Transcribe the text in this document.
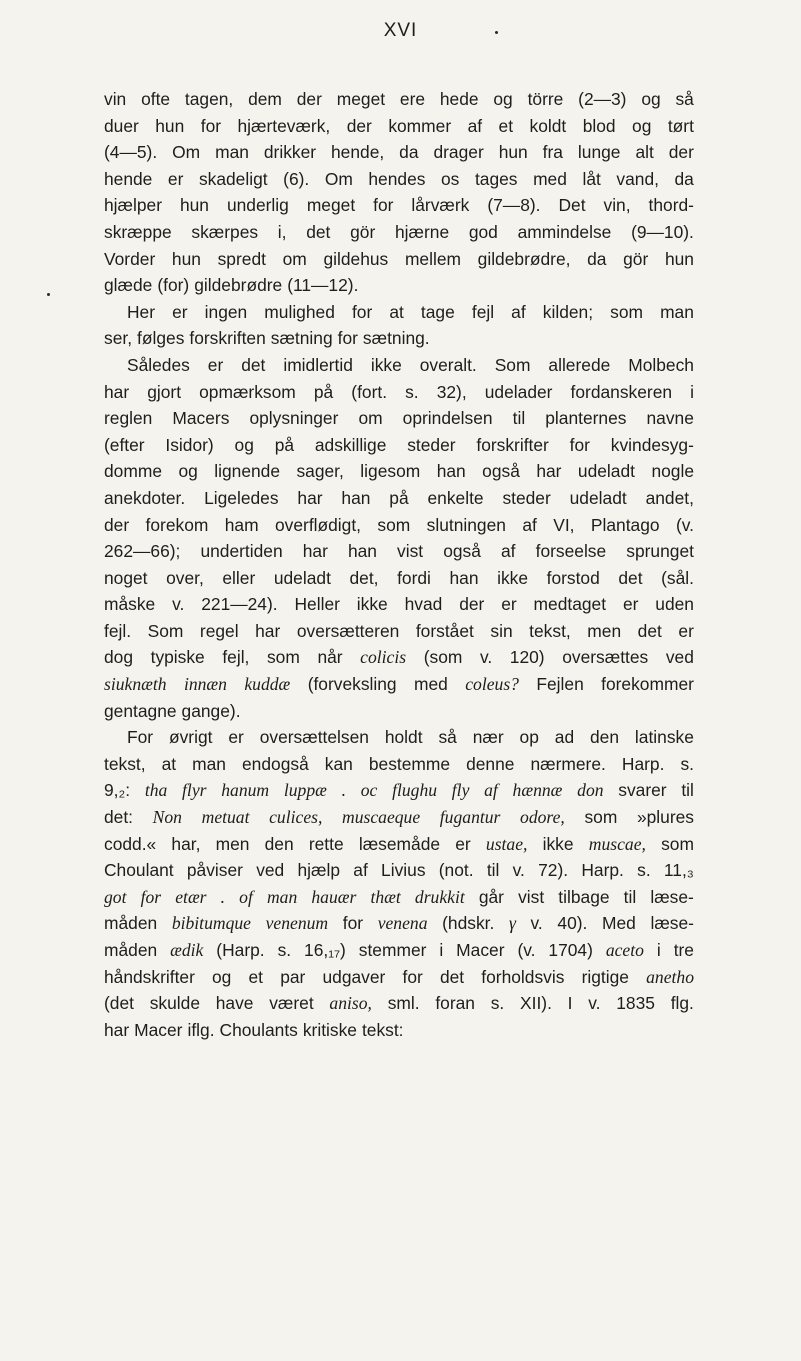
XVI
vin ofte tagen, dem der meget ere hede og törre (2—3) og så
duer hun for hjærteværk, der kommer af et koldt blod og tørt
(4—5). Om man drikker hende, da drager hun fra lunge alt der
hende er skadeligt (6). Om hendes os tages med låt vand, da
hjælper hun underlig meget for lårværk (7—8). Det vin, thord-
skræppe skærpes i, det gör hjærne god ammindelse (9—10).
Vorder hun spredt om gildehus mellem gildebrødre, da gör hun
glæde (for) gildebrødre (11—12).
Her er ingen mulighed for at tage fejl af kilden; som man
ser, følges forskriften sætning for sætning.
Således er det imidlertid ikke overalt. Som allerede Molbech
har gjort opmærksom på (fort. s. 32), udelader fordanskeren i
reglen Macers oplysninger om oprindelsen til planternes navne
(efter Isidor) og på adskillige steder forskrifter for kvindesyg-
domme og lignende sager, ligesom han også har udeladt nogle
anekdoter. Ligeledes har han på enkelte steder udeladt andet,
der forekom ham overflødigt, som slutningen af VI, Plantago (v.
262—66); undertiden har han vist også af forseelse sprunget
noget over, eller udeladt det, fordi han ikke forstod det (sål.
måske v. 221—24). Heller ikke hvad der er medtaget er uden
fejl. Som regel har oversætteren forstået sin tekst, men det er
dog typiske fejl, som når colicis (som v. 120) oversættes ved
siuknæth innæn kuddæ (forveksling med coleus? Fejlen forekommer
gentagne gange).
For øvrigt er oversættelsen holdt så nær op ad den latinske
tekst, at man endogså kan bestemme denne nærmere. Harp. s.
9,₂: tha flyr hanum luppæ . oc flughu fly af hænnæ don svarer til
det: Non metuat culices, muscaeque fugantur odore, som »plures
codd.« har, men den rette læsemåde er ustae, ikke muscae, som
Choulant påviser ved hjælp af Livius (not. til v. 72). Harp. s. 11,₃
got for etær . of man hauær thæt drukkit går vist tilbage til læse-
måden bibitumque venenum for venena (hdskr. γ v. 40). Med læse-
måden ædik (Harp. s. 16,₁₇) stemmer i Macer (v. 1704) aceto i tre
håndskrifter og et par udgaver for det forholdsvis rigtige anetho
(det skulde have været aniso, sml. foran s. XII). I v. 1835 flg.
har Macer iflg. Choulants kritiske tekst:
